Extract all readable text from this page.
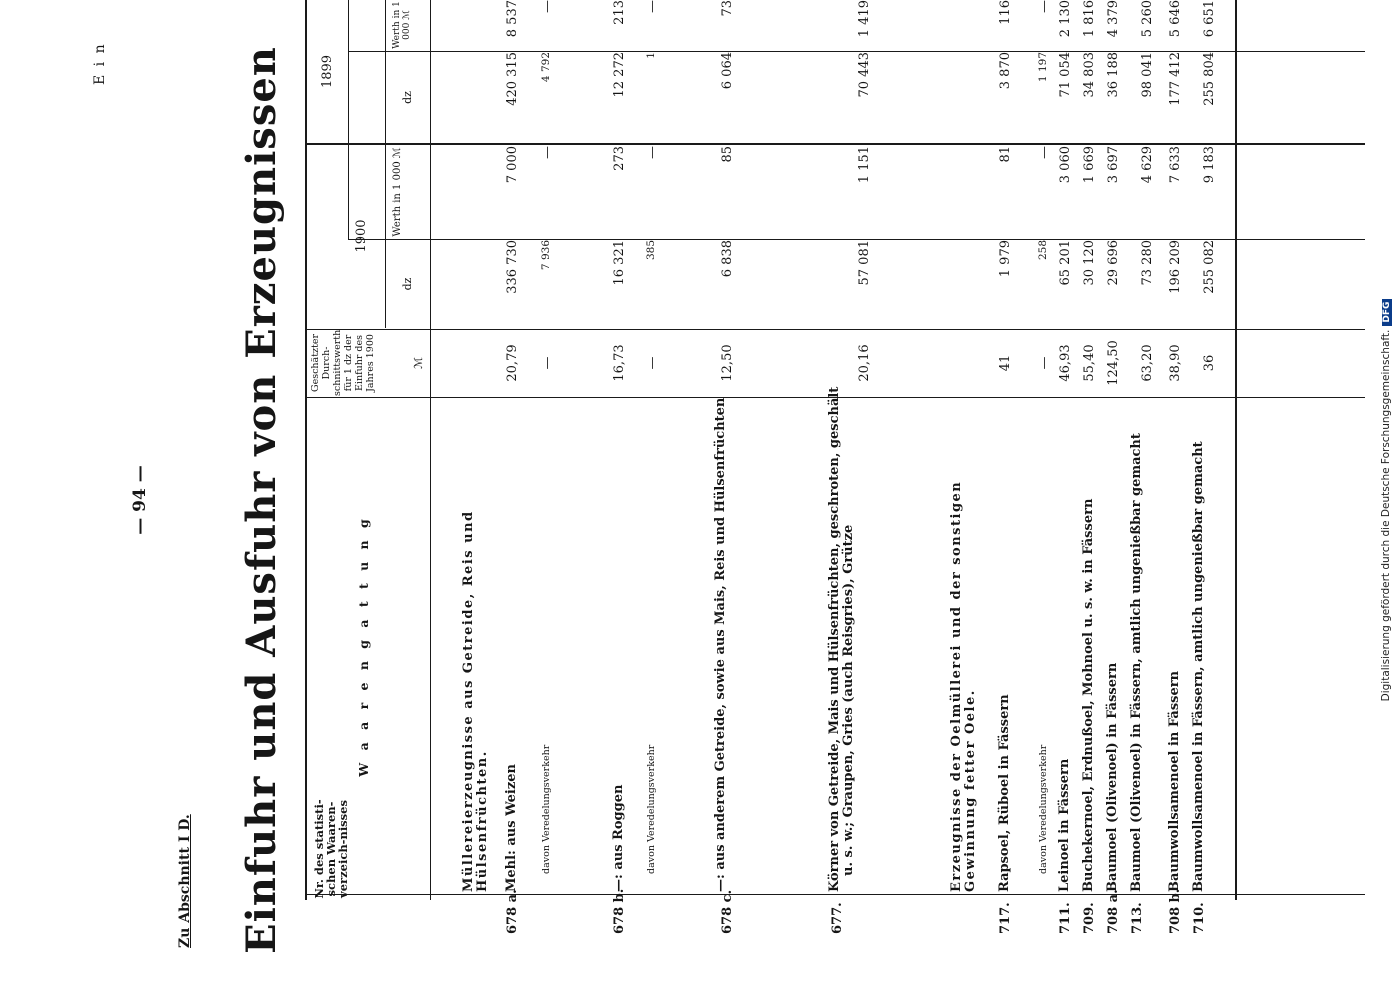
— 94 —
Zu Abschnitt I D. Einfuhr und Ausfuhr von Erzeugnissen
E i n
Nr. des statisti-schen Waaren-verzeich-nisses
W a a r e n g a t t u n g
Geschätzter Durch-schnittswerth für 1 dz der Einfuhr des Jahres 1900	ℳ
1900
1899
dz
Werth in 1 000 ℳ
dz
Werth in 1 000 ℳ
Müllereierzeugnisse aus Getreide, Reis und Hülsenfrüchten.
678 a.
Mehl: aus Weizen
20,79
336 730
7 000
420 315
8 537
davon Veredelungsverkehr
—
7 936
—
4 792
—
678 b.
—: aus Roggen
16,73
16 321
273
12 272
213
davon Veredelungsverkehr
—
385
—
1
—
678 c.
—: aus anderem Getreide, sowie aus Mais, Reis und Hülsenfrüchten
12,50
6 838
85
6 064
73
677.
Körner von Getreide, Mais und Hülsenfrüchten, geschroten, geschält u. s. w.; Graupen, Gries (auch Reisgries), Grütze
20,16
57 081
1 151
70 443
1 419
Erzeugnisse der Oelmüllerei und der sonstigen Gewinnung fetter Oele.
717.
Rapsoel, Rüboel in Fässern
41
1 979
81
3 870
116
davon Veredelungsverkehr
—
258
—
1 197
—
711.
Leinoel in Fässern
46,93
65 201
3 060
71 054
2 130
709.
Buchekernoel, Erdnußoel, Mohnoel u. s. w. in Fässern
55,40
30 120
1 669
34 803
1 816
708 a.
Baumoel (Olivenoel) in Fässern
124,50
29 696
3 697
36 188
4 379
713.
Baumoel (Olivenoel) in Fässern, amtlich ungenießbar gemacht
63,20
73 280
4 629
98 041
5 260
708 b.
Baumwollsamenoel in Fässern
38,90
196 209
7 633
177 412
5 646
710.
Baumwollsamenoel in Fässern, amtlich ungenießbar gemacht
36
255 082
9 183
255 804
6 651
Digitalisierung gefördert durch die Deutsche Forschungsgemeinschaft.DFG
